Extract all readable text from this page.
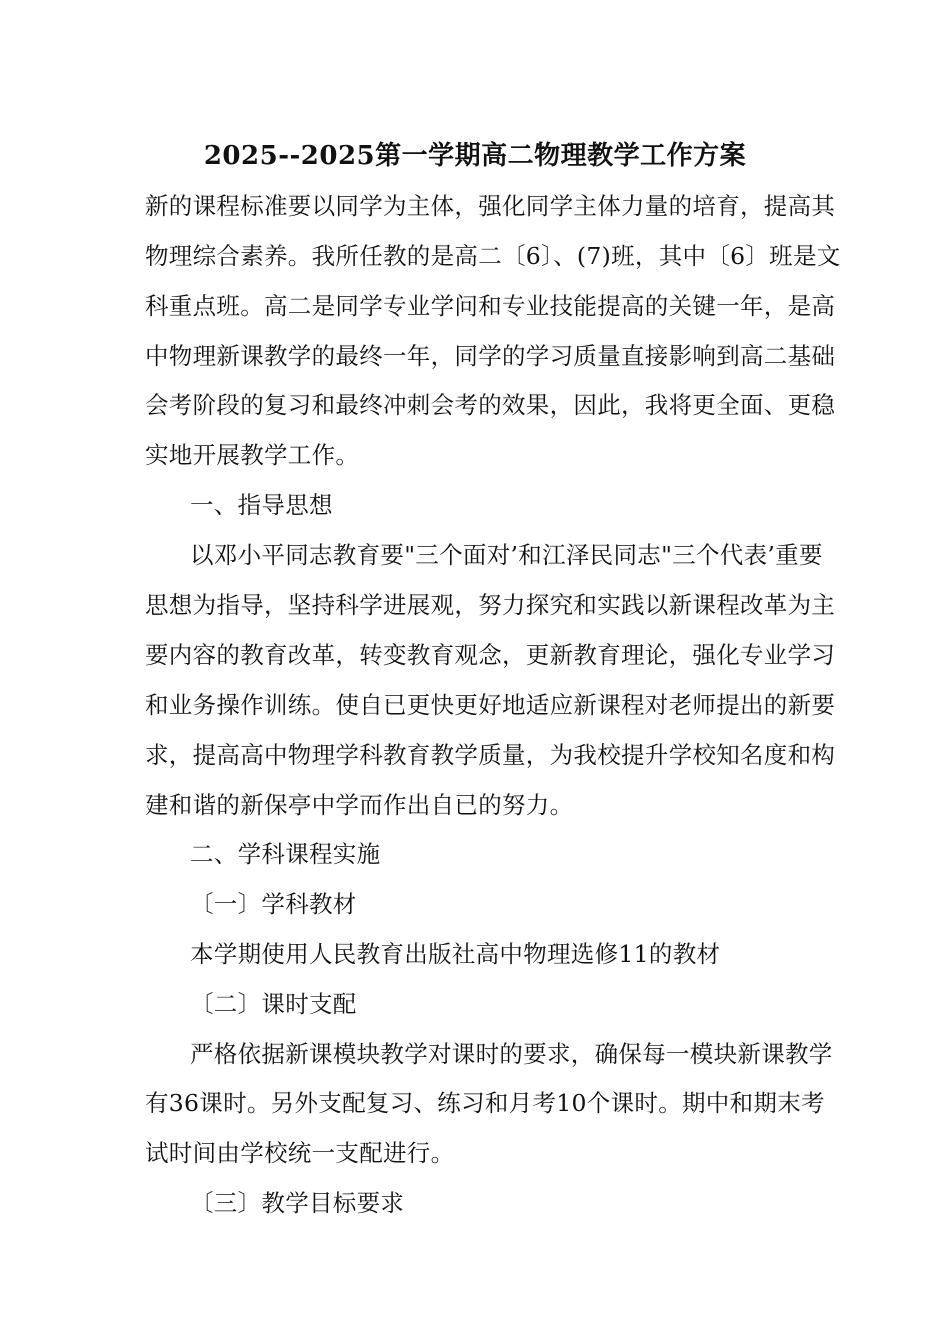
2025--2025第一学期高二物理教学工作方案
新的课程标准要以同学为主体，强化同学主体力量的培育，提高其
物理综合素养。我所任教的是高二〔6〕、(7)班，其中〔6〕班是文
科重点班。高二是同学专业学问和专业技能提高的关键一年，是高
中物理新课教学的最终一年，同学的学习质量直接影响到高二基础
会考阶段的复习和最终冲刺会考的效果，因此，我将更全面、更稳
实地开展教学工作。
一、指导思想
以邓小平同志教育要"三个面对’和江泽民同志"三个代表’重要
思想为指导，坚持科学进展观，努力探究和实践以新课程改革为主
要内容的教育改革，转变教育观念，更新教育理论，强化专业学习
和业务操作训练。使自已更快更好地适应新课程对老师提出的新要
求，提高高中物理学科教育教学质量，为我校提升学校知名度和构
建和谐的新保亭中学而作出自已的努力。
二、学科课程实施
〔一〕学科教材
本学期使用人民教育出版社高中物理选修11的教材
〔二〕课时支配
严格依据新课模块教学对课时的要求，确保每一模块新课教学
有36课时。另外支配复习、练习和月考10个课时。期中和期末考
试时间由学校统一支配进行。
〔三〕教学目标要求
